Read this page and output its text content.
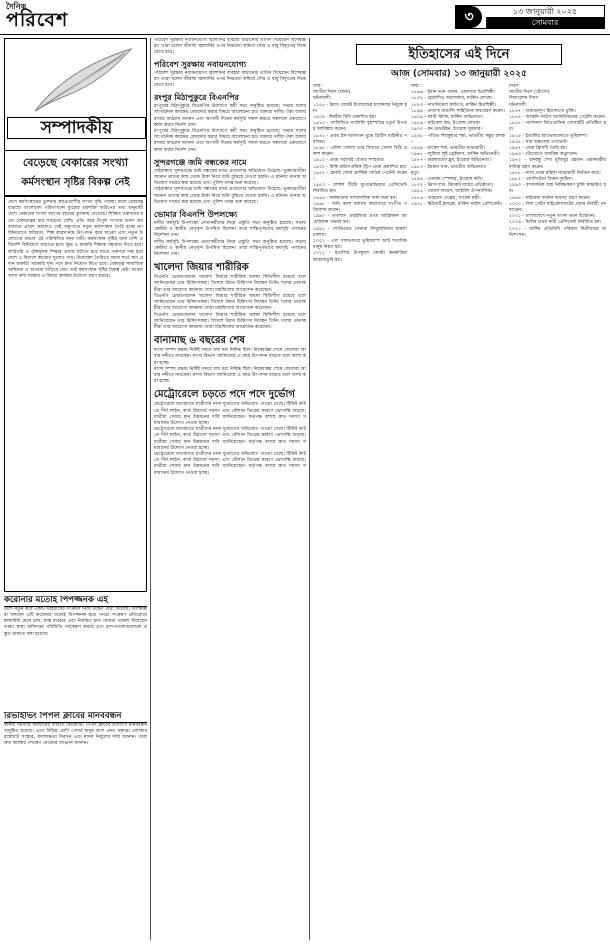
দৈনিক
পরিবেশ	৩	১৩ জানুয়ারী ২০২৫
সোমবার
সম্পাদকীয়
বেড়েছে বেকারের সংখ্যা
কর্মসংস্থান সৃষ্টির বিকল্প নেই

দেশে কর্মসংস্থানের তুলনায় কর্মপ্রত্যাশীর সংখ্যা বৃদ্ধি পাচ্ছে। ফলে বেকারত্ব বাড়ছে। বাংলাদেশ পরিসংখ্যান ব্যুরোর শ্রমশক্তি জরিপের তথ্য অনুযায়ী দেশে বেকারের সংখ্যা আগের বছরের তুলনায় বেড়েছে। শিক্ষিত তরুণদের মধ্যে বেকারত্বের হার সবচেয়ে বেশি। প্রতি বছর বিপুল সংখ্যক তরুণ শ্রমবাজারে প্রবেশ করলেও সেই অনুপাতে নতুন কর্মসংস্থান তৈরি হচ্ছে না। বিনিয়োগে স্থবিরতা, শিল্প কারখানায় উৎপাদন কমে যাওয়া এবং নতুন উদ্যোগের অভাব এই পরিস্থিতির জন্য দায়ী। কর্মসংস্থান সৃষ্টির জন্য দেশি ও বিদেশি বিনিয়োগ বাড়াতে হবে। ক্ষুদ্র ও মাঝারি শিল্পকে সহায়তা দিতে হবে। কারিগরি ও বৃত্তিমূলক শিক্ষার প্রসার ঘটাতে হবে যাতে তরুণরা দক্ষ হয়ে দেশে ও বিদেশে কাজের সুযোগ পায়। উদ্যোক্তা তৈরিতে সহজ শর্তে ঋণ প্রদান জরুরি। সরকারি শূন্য পদে দ্রুত নিয়োগ দিতে হবে। বেকারত্ব সামাজিক অস্থিরতা ও অপরাধ বাড়িয়ে দেয়। তাই কর্মসংস্থান সৃষ্টির বিকল্প নেই। আমরা আশা করি সরকার এ বিষয়ে কার্যকর উদ্যোগ গ্রহণ করবে।

করোনার মতোই পিপজ্জনক এই

দেশে নতুন করে একটি ভাইরাসের সংক্রমণ নিয়ে উদ্বেগ দেখা দিয়েছে। বিশেষজ্ঞরা বলছেন এটি করোনার মতোই বিপজ্জনক হতে পারে। সংক্রমণ প্রতিরোধে স্বাস্থ্যবিধি মেনে চলা, মাস্ক ব্যবহার এবং নিয়মিত হাত ধোয়ার পরামর্শ দিয়েছেন তারা। স্বাস্থ্য অধিদপ্তর পরিস্থিতি পর্যবেক্ষণ করছে এবং হাসপাতালগুলোকে প্রস্তুত থাকতে বলা হয়েছে।

রিভাইভিং পিপল ক্লাবের মানববন্ধন

স্থানীয় সমস্যার সমাধানের দাবিতে রিভাইভিং পিপল ক্লাবের উদ্যোগে মানববন্ধন অনুষ্ঠিত হয়েছে। এতে বিভিন্ন শ্রেণি পেশার মানুষ অংশ নেন। বক্তারা এলাকার রাস্তাঘাট সংস্কার, জলাবদ্ধতা নিরসন এবং মাদক নির্মূলের দাবি জানান। তারা দ্রুত কার্যকর পদক্ষেপ নেওয়ার আহ্বান জানান।

পরিবেশ সুরক্ষায় নবায়নযোগ্য জ্বালানির ব্যবহার বাড়ানোর তাগিদ দিয়েছেন বিশেষজ্ঞরা। তারা বলেন জীবাশ্ম জ্বালানির ওপর নির্ভরতা কমিয়ে সৌর ও বায়ু বিদ্যুতের দিকে যেতে হবে।

পরিবেশ সুরক্ষায় নবায়নযোগ্য

পরিবেশ সুরক্ষায় নবায়নযোগ্য জ্বালানির ব্যবহার বাড়ানোর তাগিদ দিয়েছেন বিশেষজ্ঞরা। তারা বলেন জীবাশ্ম জ্বালানির ওপর নির্ভরতা কমিয়ে সৌর ও বায়ু বিদ্যুতের দিকে যেতে হবে।

রংপুর মিঠাপুকুরে বিএনপির

রংপুরের মিঠাপুকুরে বিএনপির উদ্যোগে কর্মী সভা অনুষ্ঠিত হয়েছে। সভায় দলের সাংগঠনিক কার্যক্রম জোরদার করার বিষয়ে আলোচনা হয়। বক্তারা দলীয় ঐক্য বজায় রাখার আহ্বান জানান এবং আগামী দিনের কর্মসূচি সফল করতে সকলকে একযোগে কাজ করার নির্দেশ দেন।

রংপুরের মিঠাপুকুরে বিএনপির উদ্যোগে কর্মী সভা অনুষ্ঠিত হয়েছে। সভায় দলের সাংগঠনিক কার্যক্রম জোরদার করার বিষয়ে আলোচনা হয়। বক্তারা দলীয় ঐক্য বজায় রাখার আহ্বান জানান এবং আগামী দিনের কর্মসূচি সফল করতে সকলকে একযোগে কাজ করার নির্দেশ দেন।

সুন্দরগঞ্জে জমি বন্ধকের নামে

গাইবান্ধার সুন্দরগঞ্জে জমি বন্ধকের নামে প্রতারণার অভিযোগ উঠেছে। ভুক্তভোগীরা জানান তাদের কাছ থেকে টাকা নিয়ে জমি বুঝিয়ে দেওয়া হয়নি। এ ঘটনায় থানায় অভিযোগ দায়ের করা হয়েছে এবং পুলিশ তদন্ত শুরু করেছে।

গাইবান্ধার সুন্দরগঞ্জে জমি বন্ধকের নামে প্রতারণার অভিযোগ উঠেছে। ভুক্তভোগীরা জানান তাদের কাছ থেকে টাকা নিয়ে জমি বুঝিয়ে দেওয়া হয়নি। এ ঘটনায় থানায় অভিযোগ দায়ের করা হয়েছে এবং পুলিশ তদন্ত শুরু করেছে।

ভোমার বিএনপি উপলক্ষ্যে

দলীয় কর্মসূচি উপলক্ষ্যে নেতাকর্মীদের নিয়ে প্রস্তুতি সভা অনুষ্ঠিত হয়েছে। সভায় কেন্দ্রীয় ও স্থানীয় নেতৃবৃন্দ উপস্থিত ছিলেন। তারা শান্তিপূর্ণভাবে কর্মসূচি পালনের নির্দেশনা দেন।

দলীয় কর্মসূচি উপলক্ষ্যে নেতাকর্মীদের নিয়ে প্রস্তুতি সভা অনুষ্ঠিত হয়েছে। সভায় কেন্দ্রীয় ও স্থানীয় নেতৃবৃন্দ উপস্থিত ছিলেন। তারা শান্তিপূর্ণভাবে কর্মসূচি পালনের নির্দেশনা দেন।

খালেদা জিয়ার শারীরিক

বিএনপি চেয়ারপারসন খালেদা জিয়ার শারীরিক অবস্থা স্থিতিশীল রয়েছে বলে জানিয়েছেন তার চিকিৎসকরা। বিদেশে উন্নত চিকিৎসা নিচ্ছেন তিনি। দলের নেতাকর্মীরা তার আরোগ্য কামনায় দোয়া মাহফিলের আয়োজন করেছেন।

বিএনপি চেয়ারপারসন খালেদা জিয়ার শারীরিক অবস্থা স্থিতিশীল রয়েছে বলে জানিয়েছেন তার চিকিৎসকরা। বিদেশে উন্নত চিকিৎসা নিচ্ছেন তিনি। দলের নেতাকর্মীরা তার আরোগ্য কামনায় দোয়া মাহফিলের আয়োজন করেছেন।

বিএনপি চেয়ারপারসন খালেদা জিয়ার শারীরিক অবস্থা স্থিতিশীল রয়েছে বলে জানিয়েছেন তার চিকিৎসকরা। বিদেশে উন্নত চিকিৎসা নিচ্ছেন তিনি। দলের নেতাকর্মীরা তার আরোগ্য কামনায় দোয়া মাহফিলের আয়োজন করেছেন।

বানামাছ ৬ বছরের শেষ

মৎস্য সম্পদ রক্ষায় নির্দিষ্ট সময়ে মাছ ধরা নিষিদ্ধ ছিল। নিষেধাজ্ঞা শেষে জেলেরা আবার নদীতে নামছেন। মৎস্য বিভাগ জানিয়েছে এ বছর উৎপাদন বাড়বে বলে আশা করা হচ্ছে।

মৎস্য সম্পদ রক্ষায় নির্দিষ্ট সময়ে মাছ ধরা নিষিদ্ধ ছিল। নিষেধাজ্ঞা শেষে জেলেরা আবার নদীতে নামছেন। মৎস্য বিভাগ জানিয়েছে এ বছর উৎপাদন বাড়বে বলে আশা করা হচ্ছে।

মেট্রোরেলে চড়তে পদে পদে দুর্ভোগ

মেট্রোরেলে যাতায়াতে যাত্রীদের নানা দুর্ভোগের অভিযোগ পাওয়া গেছে। টিকিট কাটতে দীর্ঘ লাইন, কার্ড রিচার্জে সমস্যা এবং স্টেশনে ভিড়ের কারণে ভোগান্তি বাড়ছে। যাত্রীরা সেবার মান উন্নয়নের দাবি জানিয়েছেন। কর্তৃপক্ষ বলছে দ্রুত সমস্যা সমাধানের উদ্যোগ নেওয়া হচ্ছে।

মেট্রোরেলে যাতায়াতে যাত্রীদের নানা দুর্ভোগের অভিযোগ পাওয়া গেছে। টিকিট কাটতে দীর্ঘ লাইন, কার্ড রিচার্জে সমস্যা এবং স্টেশনে ভিড়ের কারণে ভোগান্তি বাড়ছে। যাত্রীরা সেবার মান উন্নয়নের দাবি জানিয়েছেন। কর্তৃপক্ষ বলছে দ্রুত সমস্যা সমাধানের উদ্যোগ নেওয়া হচ্ছে।

মেট্রোরেলে যাতায়াতে যাত্রীদের নানা দুর্ভোগের অভিযোগ পাওয়া গেছে। টিকিট কাটতে দীর্ঘ লাইন, কার্ড রিচার্জে সমস্যা এবং স্টেশনে ভিড়ের কারণে ভোগান্তি বাড়ছে। যাত্রীরা সেবার মান উন্নয়নের দাবি জানিয়েছেন। কর্তৃপক্ষ বলছে দ্রুত সমস্যা সমাধানের উদ্যোগ নেওয়া হচ্ছে।

ইতিহাসের এই দিনে
আজ (সোমবার) ১৩ জানুয়ারী ২০২৫

জন্ম:
জাতীয় দিবস (ঘানা)
ঘটনাবলী:
১১৫৫ - টমাস বেকেট ইংল্যান্ডের চ্যান্সেলর নিযুক্ত হন।
১৪০৯ - ঈশ্বরীয় বিধি প্রকাশিত হয়।
১৬১০ - গ্যালিলিও গ্যালিলি বৃহস্পতির চতুর্থ উপগ্রহ আবিষ্কার করেন।
১৮৪২ - প্রথম ইঙ্গ-আফগান যুদ্ধে ব্রিটিশ বাহিনীর পরাজয়।
১৮৯৮ - এমিল জোলা তার বিখ্যাত খোলা চিঠি প্রকাশ করেন।
১৯১০ - প্রথম সরাসরি বেতার সম্প্রচার।
১৯৩০ - মিকি মাউস কমিক স্ট্রিপ প্রথম প্রকাশিত হয়।
১৯৪২ - হেনরি ফোর্ড প্লাস্টিক গাড়ির পেটেন্ট করেন।
১৯৫৩ - মার্শাল টিটো যুগোস্লাভিয়ার প্রেসিডেন্ট নির্বাচিত হন।
১৯৬৪ - কলকাতায় সাম্প্রদায়িক দাঙ্গা শুরু হয়।
১৯৬৮ - জনি ক্যাশ ফলসম কারাগারে সংগীত পরিবেশন করেন।
১৯৯০ - ডগলাস ওয়াইল্ডার প্রথম আফ্রিকান আমেরিকান গভর্নর হন।
১৯৯১ - সোভিয়েত সেনারা লিথুয়ানিয়ায় হামলা চালায়।
২০০১ - এল সালভাদরে ভূমিকম্পে আট শতাধিক মানুষ নিহত হয়।
২০১২ - ইতালির উপকূলে কোস্টা কনকর্ডিয়া জাহাজডুবি হয়।

জন্ম:
১৫৯৬ - ইয়ান ভান গয়েন, ওলন্দাজ চিত্রশিল্পী।
১৮৩২ - হোরাশিও অ্যালজার, মার্কিন লেখক।
১৮৮৩ - নাথানিয়েল কামিংস, মার্কিন চিত্রশিল্পী।
১৮৯৯ - প্রখ্যাত বাঙালি সাহিত্যিক জন্মগ্রহণ করেন।
১৯১৯ - রবার্ট স্ট্যাক, মার্কিন অভিনেতা।
১৯২৬ - মাইকেল বন্ড, ইংরেজ লেখক।
১৯৩৩ - রন গুডউইন, ইংরেজ সুরকার।
১৯৩৮ - পণ্ডিত শিবকুমার শর্মা, ভারতীয় সন্তুর বাদক।
১৯৪৯ - রাকেশ শর্মা, ভারতীয় নভোচারী।
১৯৬১ - জুলিয়া লুই ড্রেইফাস, মার্কিন অভিনেত্রী।
১৯৭৭ - অরল্যান্ডো ব্লুম, ইংরেজ অভিনেতা।
১৯৮৩ - ইমরান খান, ভারতীয় অভিনেতা।
মৃত্যু:
১৫৯৯ - এডমন্ড স্পেন্সার, ইংরেজ কবি।
১৮৩২ - টমাস লর্ড, ক্রিকেট মাঠের প্রতিষ্ঠাতা।
১৯৪১ - জেমস জয়েস, আইরিশ ঔপন্যাসিক।
১৯৭৬ - আহমেদ এফ্রেম, সাবেক মন্ত্রী।
১৯৭৮ - হিউবার্ট হামফ্রে, মার্কিন ভাইস প্রেসিডেন্ট।

দিবস:
জাতীয় দিবস (টোগো)
লিবারেশন দিবস
ঘটনাবলী:
১৮৪৭ - গুয়াডালুপ হিডালগো চুক্তি।
১৮৫৪ - অ্যান্থনি ফাউস অ্যাকর্ডিয়নের পেটেন্ট করেন।
১৮৮৮ - ন্যাশনাল জিওগ্রাফিক সোসাইটি প্রতিষ্ঠিত হয়।
১৯১৫ - ইতালির আভেজানোতে ভূমিকম্প।
১৯৩৫ - সার অঞ্চলের গণভোট।
১৯৫৭ - প্রথম ফ্রিসবি তৈরি হয়।
১৯৬৩ - টোগোতে সামরিক অভ্যুত্থান।
১৯৭২ - বঙ্গবন্ধু শেখ মুজিবুর রহমান প্রধানমন্ত্রীর দায়িত্ব গ্রহণ করেন।
১৯৭৮ - নাসা প্রথম মহিলা নভোচারী নির্বাচন করে।
১৯৮২ - ওয়াশিংটনে বিমান দুর্ঘটনা।
১৯৯৩ - রাসায়নিক অস্ত্র নিষিদ্ধকরণ চুক্তি স্বাক্ষরিত হয়।
১৯৯৯ - মাইকেল জর্ডান অবসর গ্রহণ করেন।
২০০০ - বিল গেটস মাইক্রোসফটের প্রধান নির্বাহী পদ ছাড়েন।
২০০১ - বাংলাদেশে নতুন সংসদ ভবন উদ্বোধন।
২০০৬ - চিলির প্রথম নারী প্রেসিডেন্ট নির্বাচিত হন।
২০২১ - মার্কিন প্রতিনিধি পরিষদে দ্বিতীয়বার অভিশংসন।
